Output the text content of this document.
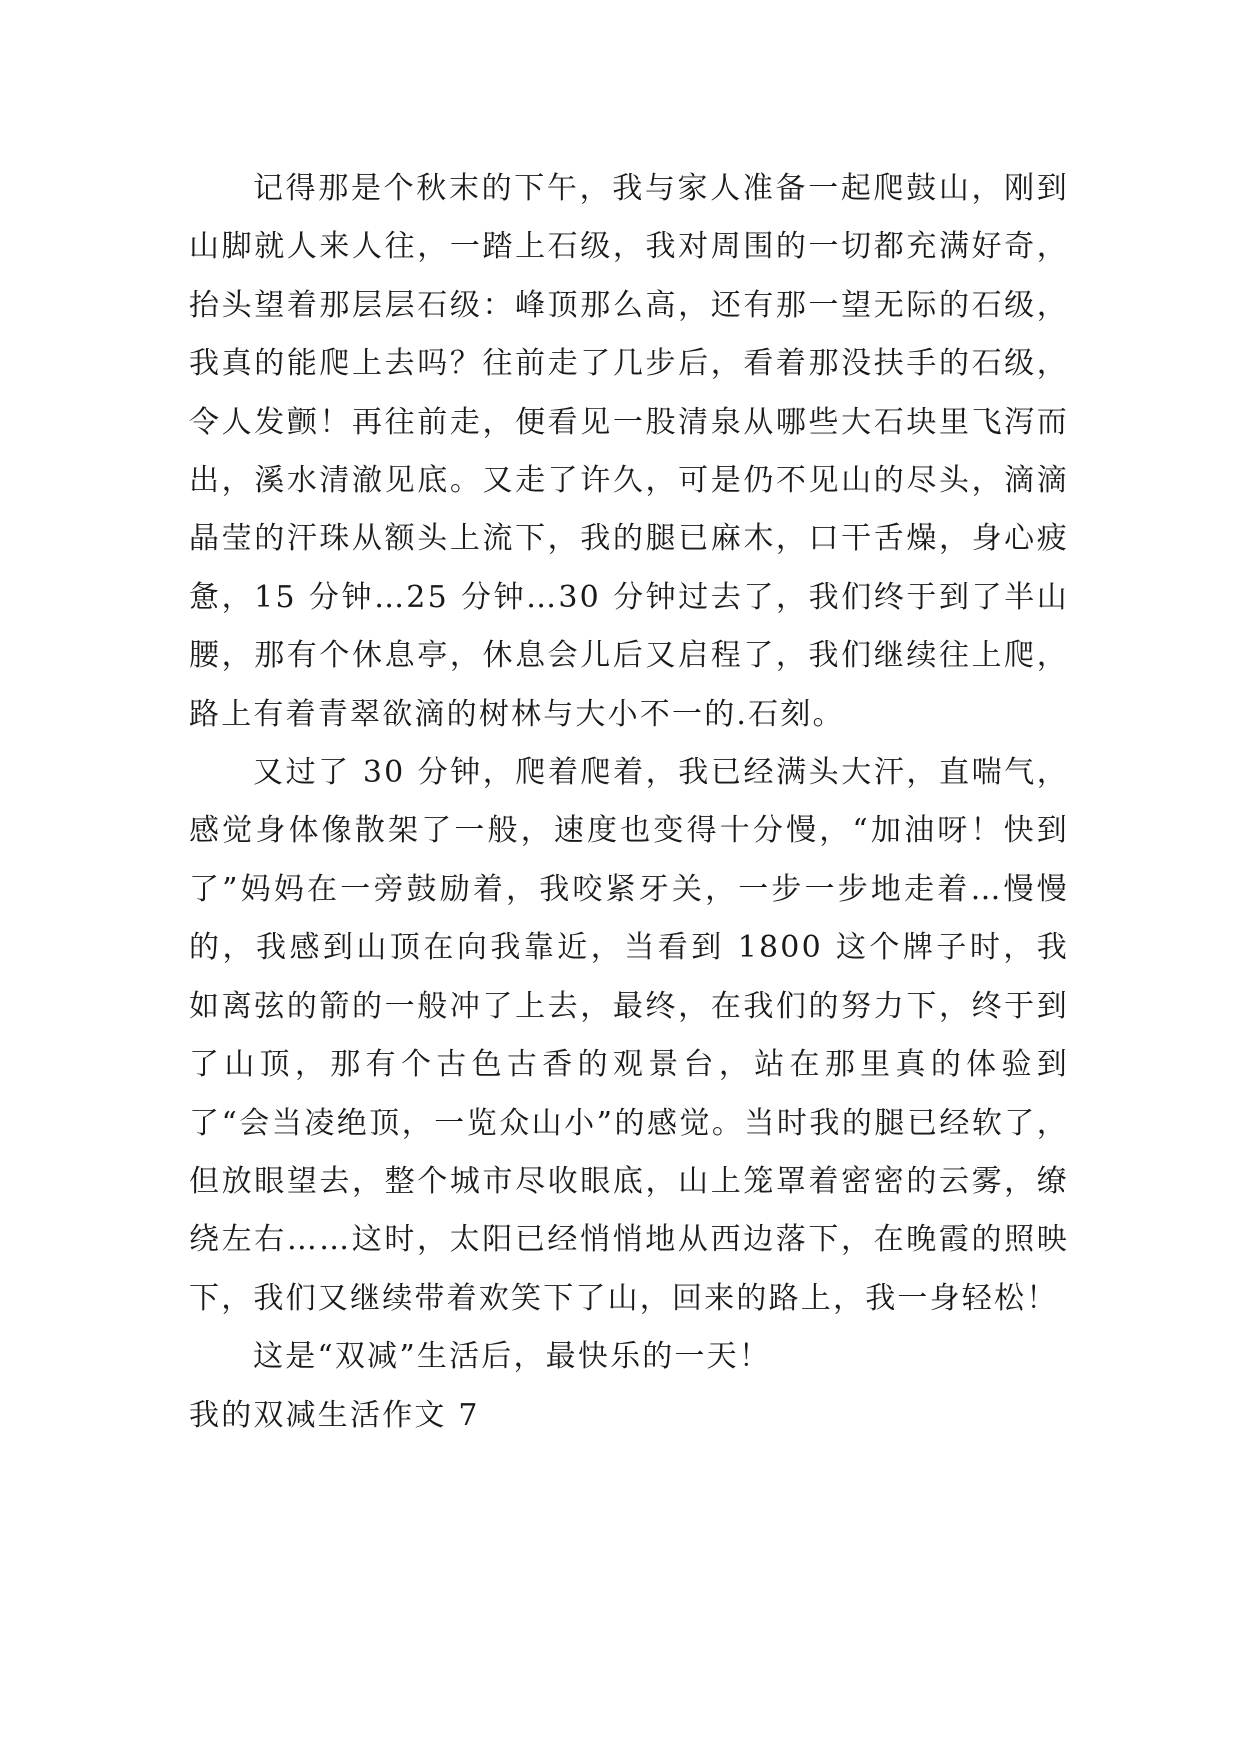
记得那是个秋末的下午，我与家人准备一起爬鼓山，刚到山脚就人来人往，一踏上石级，我对周围的一切都充满好奇，抬头望着那层层石级：峰顶那么高，还有那一望无际的石级，我真的能爬上去吗？往前走了几步后，看着那没扶手的石级，令人发颤！再往前走，便看见一股清泉从哪些大石块里飞泻而出，溪水清澈见底。又走了许久，可是仍不见山的尽头，滴滴晶莹的汗珠从额头上流下，我的腿已麻木，口干舌燥，身心疲惫，15 分钟…25 分钟…30 分钟过去了，我们终于到了半山腰，那有个休息亭，休息会儿后又启程了，我们继续往上爬，路上有着青翠欲滴的树林与大小不一的.石刻。

又过了 30 分钟，爬着爬着，我已经满头大汗，直喘气，感觉身体像散架了一般，速度也变得十分慢，“加油呀！快到了”妈妈在一旁鼓励着，我咬紧牙关，一步一步地走着…慢慢的，我感到山顶在向我靠近，当看到 1800 这个牌子时，我如离弦的箭的一般冲了上去，最终，在我们的努力下，终于到了山顶，那有个古色古香的观景台，站在那里真的体验到了“会当凌绝顶，一览众山小”的感觉。当时我的腿已经软了，但放眼望去，整个城市尽收眼底，山上笼罩着密密的云雾，缭绕左右……这时，太阳已经悄悄地从西边落下，在晚霞的照映下，我们又继续带着欢笑下了山，回来的路上，我一身轻松！

这是“双减”生活后，最快乐的一天！

我的双减生活作文 7
